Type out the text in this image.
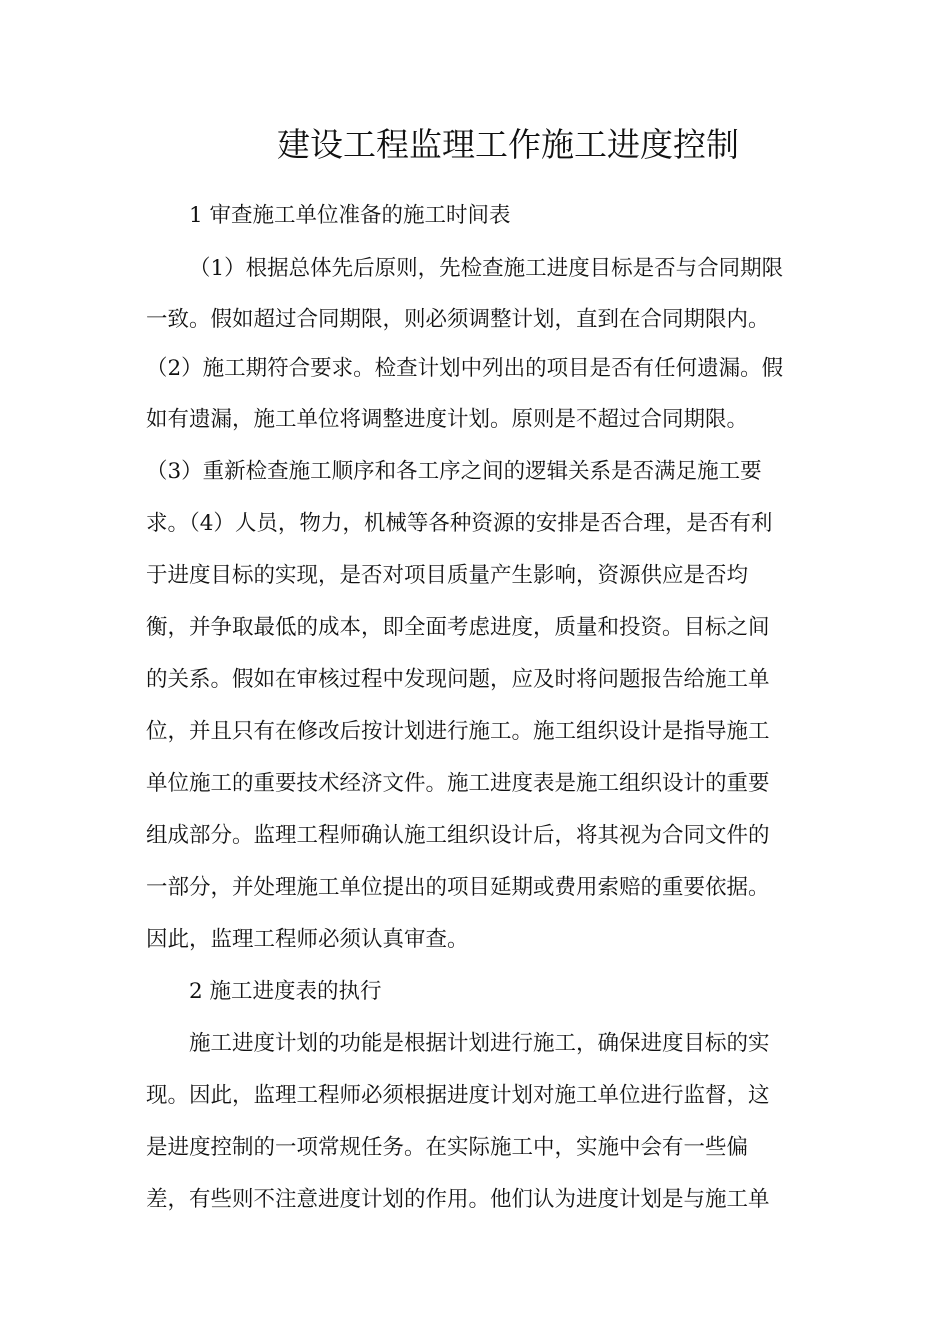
建设工程监理工作施工进度控制

1 审查施工单位准备的施工时间表

（1）根据总体先后原则，先检查施工进度目标是否与合同期限

一致。假如超过合同期限，则必须调整计划，直到在合同期限内。

（2）施工期符合要求。检查计划中列出的项目是否有任何遗漏。假

如有遗漏，施工单位将调整进度计划。原则是不超过合同期限。

（3）重新检查施工顺序和各工序之间的逻辑关系是否满足施工要

求。（4）人员，物力，机械等各种资源的安排是否合理，是否有利

于进度目标的实现，是否对项目质量产生影响，资源供应是否均

衡，并争取最低的成本，即全面考虑进度，质量和投资。目标之间

的关系。假如在审核过程中发现问题，应及时将问题报告给施工单

位，并且只有在修改后按计划进行施工。施工组织设计是指导施工

单位施工的重要技术经济文件。施工进度表是施工组织设计的重要

组成部分。监理工程师确认施工组织设计后，将其视为合同文件的

一部分，并处理施工单位提出的项目延期或费用索赔的重要依据。

因此，监理工程师必须认真审查。

2 施工进度表的执行

施工进度计划的功能是根据计划进行施工，确保进度目标的实

现。因此，监理工程师必须根据进度计划对施工单位进行监督，这

是进度控制的一项常规任务。在实际施工中，实施中会有一些偏

差，有些则不注意进度计划的作用。他们认为进度计划是与施工单
